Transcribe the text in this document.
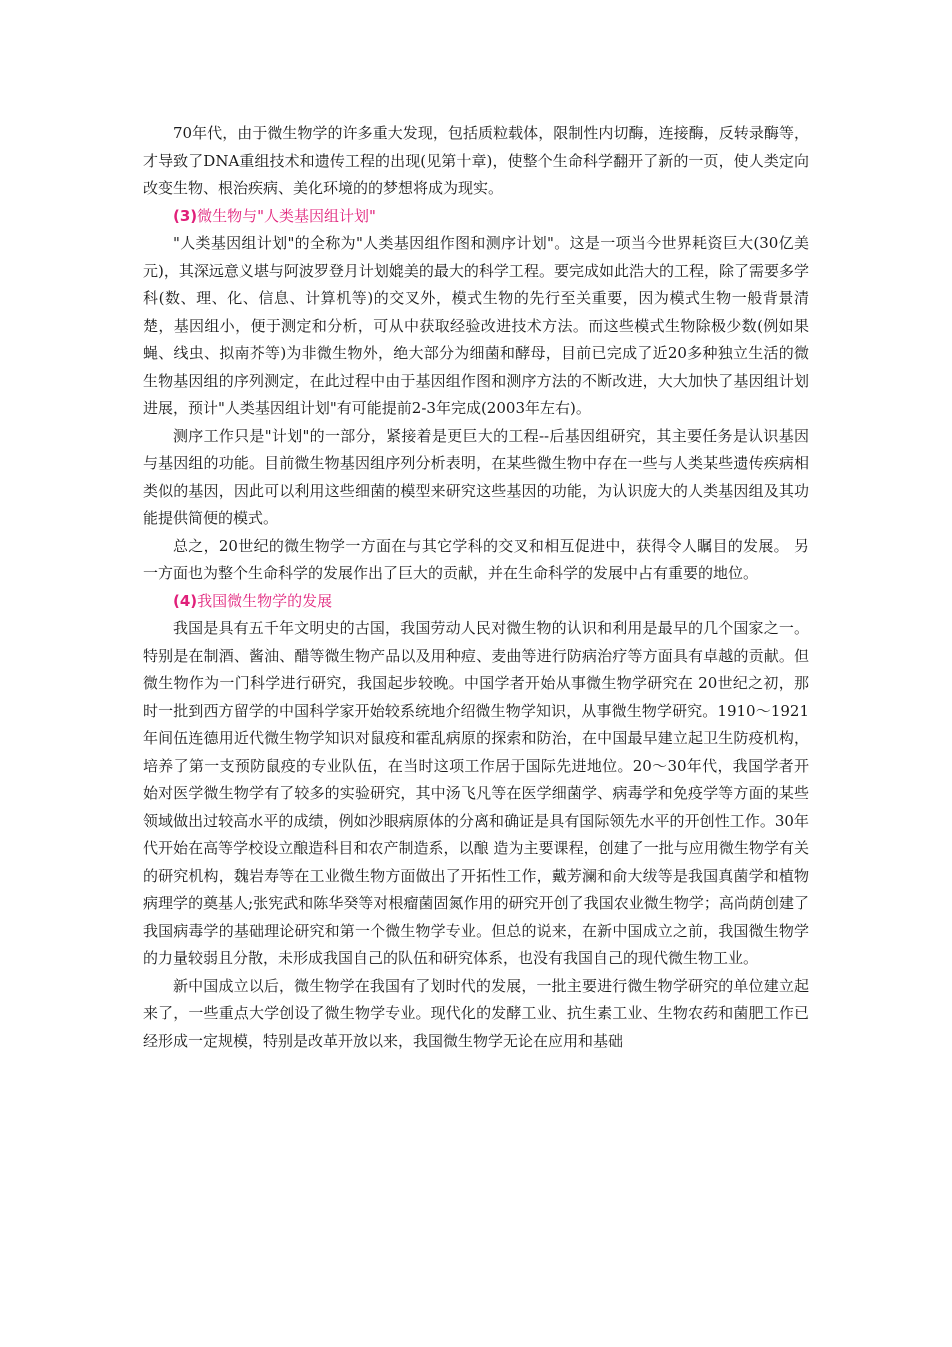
70年代，由于微生物学的许多重大发现，包括质粒载体，限制性内切酶，连接酶，反转录酶等，才导致了DNA重组技术和遗传工程的出现(见第十章)，使整个生命科学翻开了新的一页，使人类定向改变生物、根治疾病、美化环境的的梦想将成为现实。

(3)微生物与"人类基因组计划"

"人类基因组计划"的全称为"人类基因组作图和测序计划"。这是一项当今世界耗资巨大(30亿美元)，其深远意义堪与阿波罗登月计划媲美的最大的科学工程。要完成如此浩大的工程，除了需要多学科(数、理、化、信息、计算机等)的交叉外，模式生物的先行至关重要，因为模式生物一般背景清楚，基因组小，便于测定和分析，可从中获取经验改进技术方法。而这些模式生物除极少数(例如果蝇、线虫、拟南芥等)为非微生物外，绝大部分为细菌和酵母，目前已完成了近20多种独立生活的微生物基因组的序列测定，在此过程中由于基因组作图和测序方法的不断改进，大大加快了基因组计划进展，预计"人类基因组计划"有可能提前2-3年完成(2003年左右)。

测序工作只是"计划"的一部分，紧接着是更巨大的工程--后基因组研究，其主要任务是认识基因与基因组的功能。目前微生物基因组序列分析表明，在某些微生物中存在一些与人类某些遗传疾病相类似的基因，因此可以利用这些细菌的模型来研究这些基因的功能，为认识庞大的人类基因组及其功能提供简便的模式。

总之，20世纪的微生物学一方面在与其它学科的交叉和相互促进中，获得令人瞩目的发展。 另一方面也为整个生命科学的发展作出了巨大的贡献，并在生命科学的发展中占有重要的地位。

(4)我国微生物学的发展

我国是具有五千年文明史的古国，我国劳动人民对微生物的认识和利用是最早的几个国家之一。特别是在制酒、酱油、醋等微生物产品以及用种痘、麦曲等进行防病治疗等方面具有卓越的贡献。但微生物作为一门科学进行研究，我国起步较晚。中国学者开始从事微生物学研究在 20世纪之初，那时一批到西方留学的中国科学家开始较系统地介绍微生物学知识，从事微生物学研究。1910～1921年间伍连德用近代微生物学知识对鼠疫和霍乱病原的探索和防治，在中国最早建立起卫生防疫机构，培养了第一支预防鼠疫的专业队伍，在当时这项工作居于国际先进地位。20～30年代，我国学者开始对医学微生物学有了较多的实验研究，其中汤飞凡等在医学细菌学、病毒学和免疫学等方面的某些领域做出过较高水平的成绩，例如沙眼病原体的分离和确证是具有国际领先水平的开创性工作。30年代开始在高等学校设立酿造科目和农产制造系，以酿 造为主要课程，创建了一批与应用微生物学有关的研究机构，魏岩寿等在工业微生物方面做出了开拓性工作，戴芳澜和俞大绂等是我国真菌学和植物病理学的奠基人;张宪武和陈华癸等对根瘤菌固氮作用的研究开创了我国农业微生物学；高尚荫创建了我国病毒学的基础理论研究和第一个微生物学专业。但总的说来，在新中国成立之前，我国微生物学的力量较弱且分散，未形成我国自己的队伍和研究体系，也没有我国自己的现代微生物工业。

新中国成立以后，微生物学在我国有了划时代的发展，一批主要进行微生物学研究的单位建立起来了，一些重点大学创设了微生物学专业。现代化的发酵工业、抗生素工业、生物农药和菌肥工作已经形成一定规模，特别是改革开放以来，我国微生物学无论在应用和基础
